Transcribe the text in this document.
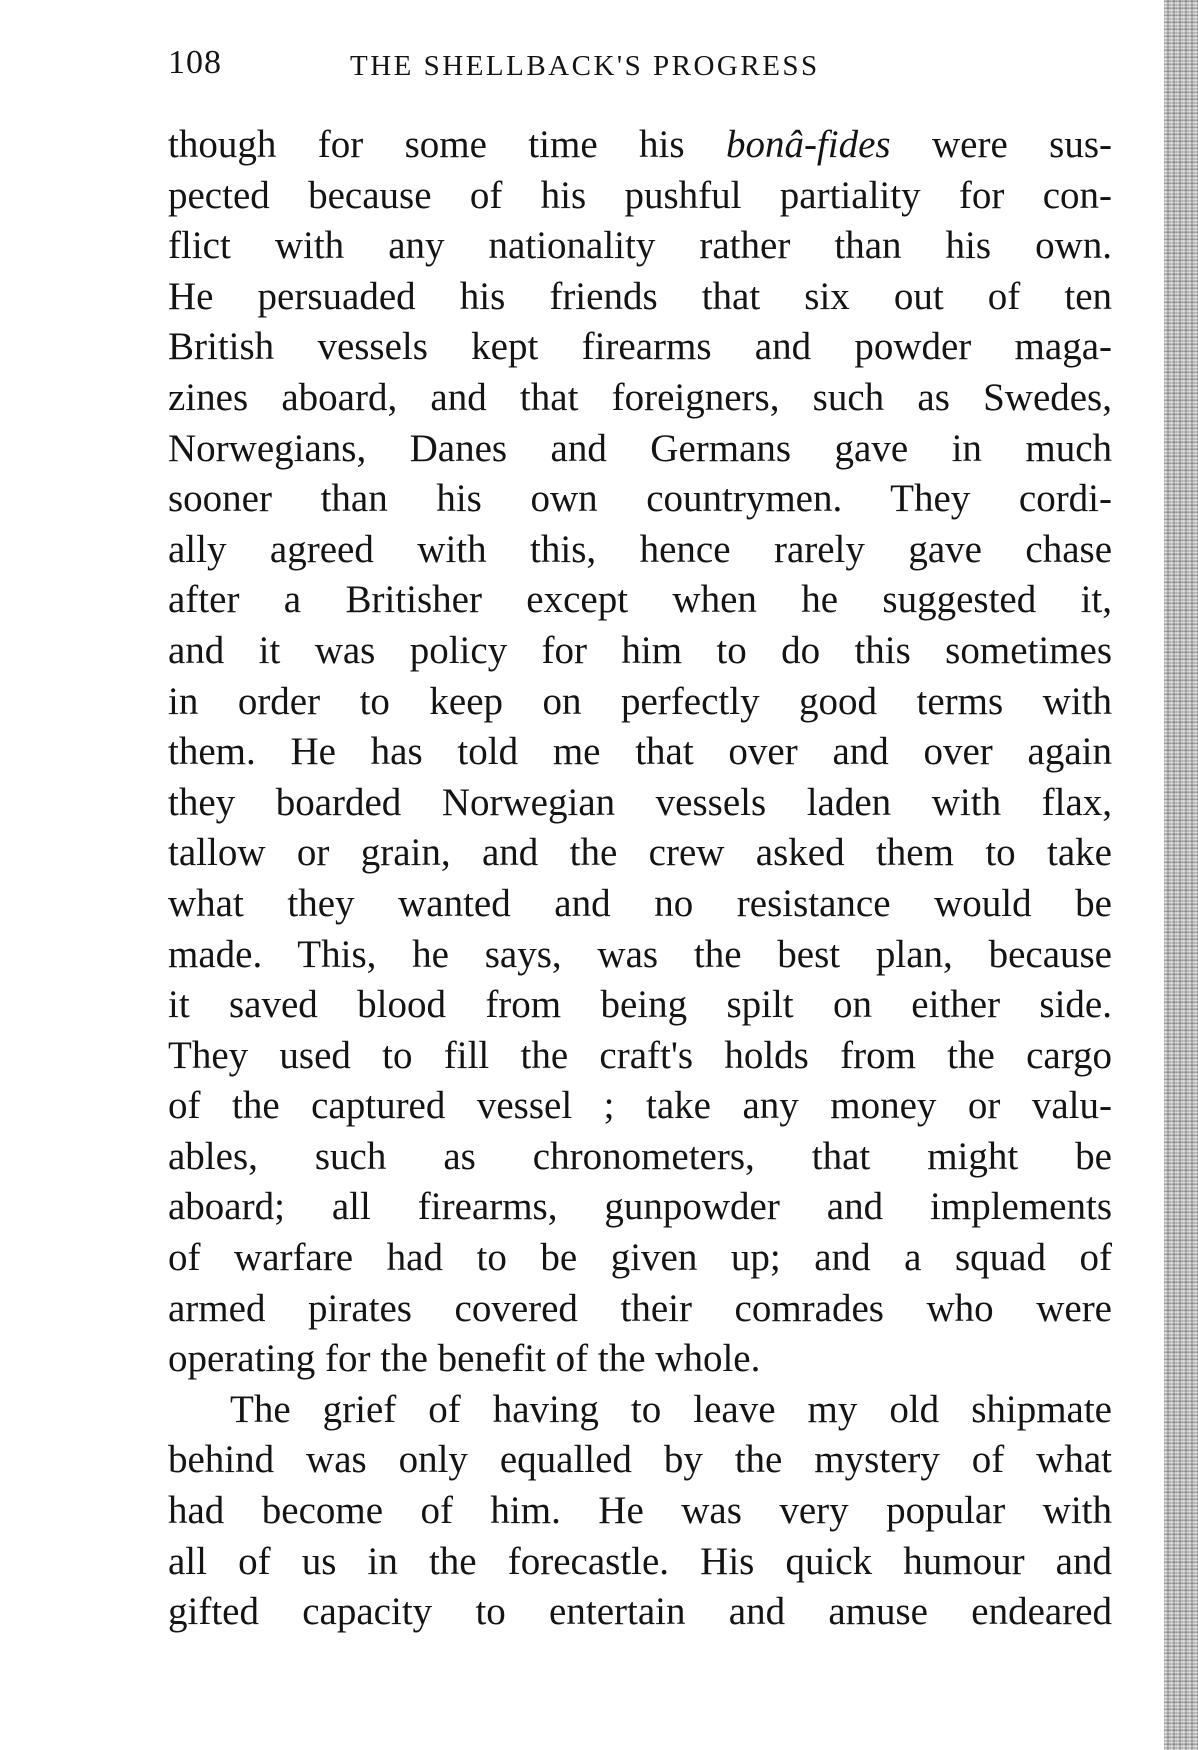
108	THE SHELLBACK'S PROGRESS
though for some time his bonâ-fides were sus-
pected because of his pushful partiality for con-
flict with any nationality rather than his own.
He persuaded his friends that six out of ten
British vessels kept firearms and powder maga-
zines aboard, and that foreigners, such as Swedes,
Norwegians, Danes and Germans gave in much
sooner than his own countrymen. They cordi-
ally agreed with this, hence rarely gave chase
after a Britisher except when he suggested it,
and it was policy for him to do this sometimes
in order to keep on perfectly good terms with
them. He has told me that over and over again
they boarded Norwegian vessels laden with flax,
tallow or grain, and the crew asked them to take
what they wanted and no resistance would be
made. This, he says, was the best plan, because
it saved blood from being spilt on either side.
They used to fill the craft's holds from the cargo
of the captured vessel ; take any money or valu-
ables, such as chronometers, that might be
aboard; all firearms, gunpowder and implements
of warfare had to be given up; and a squad of
armed pirates covered their comrades who were
operating for the benefit of the whole.
The grief of having to leave my old shipmate
behind was only equalled by the mystery of what
had become of him. He was very popular with
all of us in the forecastle. His quick humour and
gifted capacity to entertain and amuse endeared
